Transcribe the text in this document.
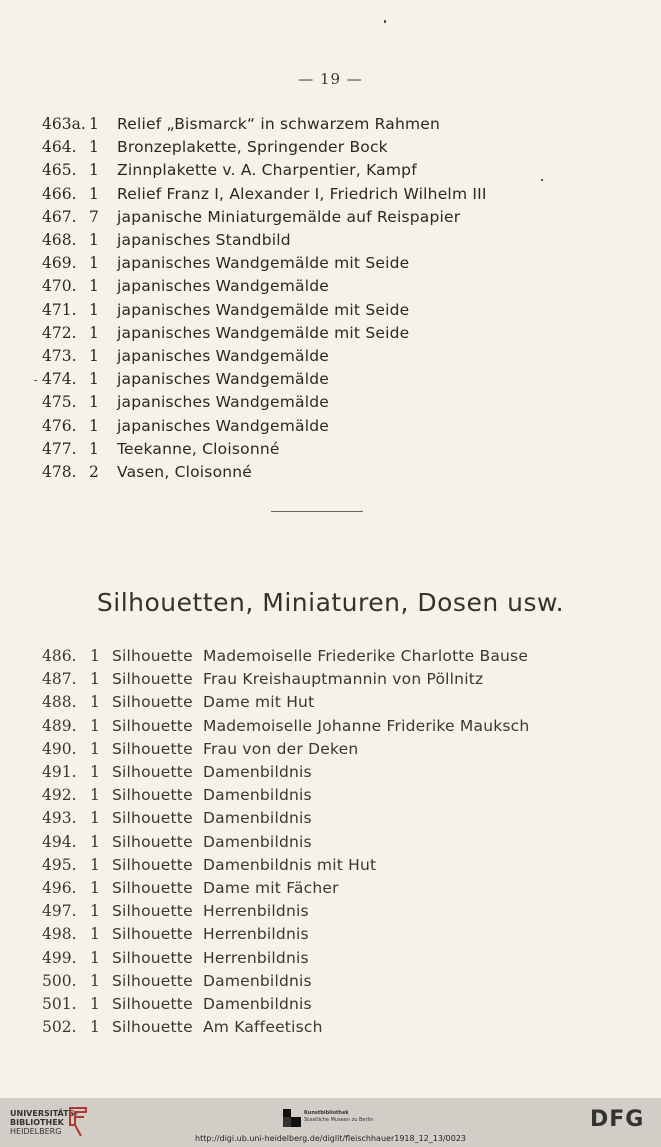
— 19 —
463a. 1 Relief „Bismarck“ in schwarzem Rahmen
464. 1 Bronzeplakette, Springender Bock
465. 1 Zinnplakette v. A. Charpentier, Kampf
466. 1 Relief Franz I, Alexander I, Friedrich Wilhelm III
467. 7 japanische Miniaturgemälde auf Reispapier
468. 1 japanisches Standbild
469. 1 japanisches Wandgemälde mit Seide
470. 1 japanisches Wandgemälde
471. 1 japanisches Wandgemälde mit Seide
472. 1 japanisches Wandgemälde mit Seide
473. 1 japanisches Wandgemälde
474. 1 japanisches Wandgemälde
475. 1 japanisches Wandgemälde
476. 1 japanisches Wandgemälde
477. 1 Teekanne, Cloisonné
478. 2 Vasen, Cloisonné
Silhouetten, Miniaturen, Dosen usw.
486. 1 Silhouette Mademoiselle Friederike Charlotte Bause
487. 1 Silhouette Frau Kreishauptmannin von Pöllnitz
488. 1 Silhouette Dame mit Hut
489. 1 Silhouette Mademoiselle Johanne Friderike Mauksch
490. 1 Silhouette Frau von der Deken
491. 1 Silhouette Damenbildnis
492. 1 Silhouette Damenbildnis
493. 1 Silhouette Damenbildnis
494. 1 Silhouette Damenbildnis
495. 1 Silhouette Damenbildnis mit Hut
496. 1 Silhouette Dame mit Fächer
497. 1 Silhouette Herrenbildnis
498. 1 Silhouette Herrenbildnis
499. 1 Silhouette Herrenbildnis
500. 1 Silhouette Damenbildnis
501. 1 Silhouette Damenbildnis
502. 1 Silhouette Am Kaffeetisch
UNIVERSITÄTS-
BIBLIOTHEK
HEIDELBERG
Kunstbibliothek
Staatliche Museen zu Berlin	DFG
http://digi.ub.uni-heidelberg.de/diglit/fleischhauer1918_12_13/0023
